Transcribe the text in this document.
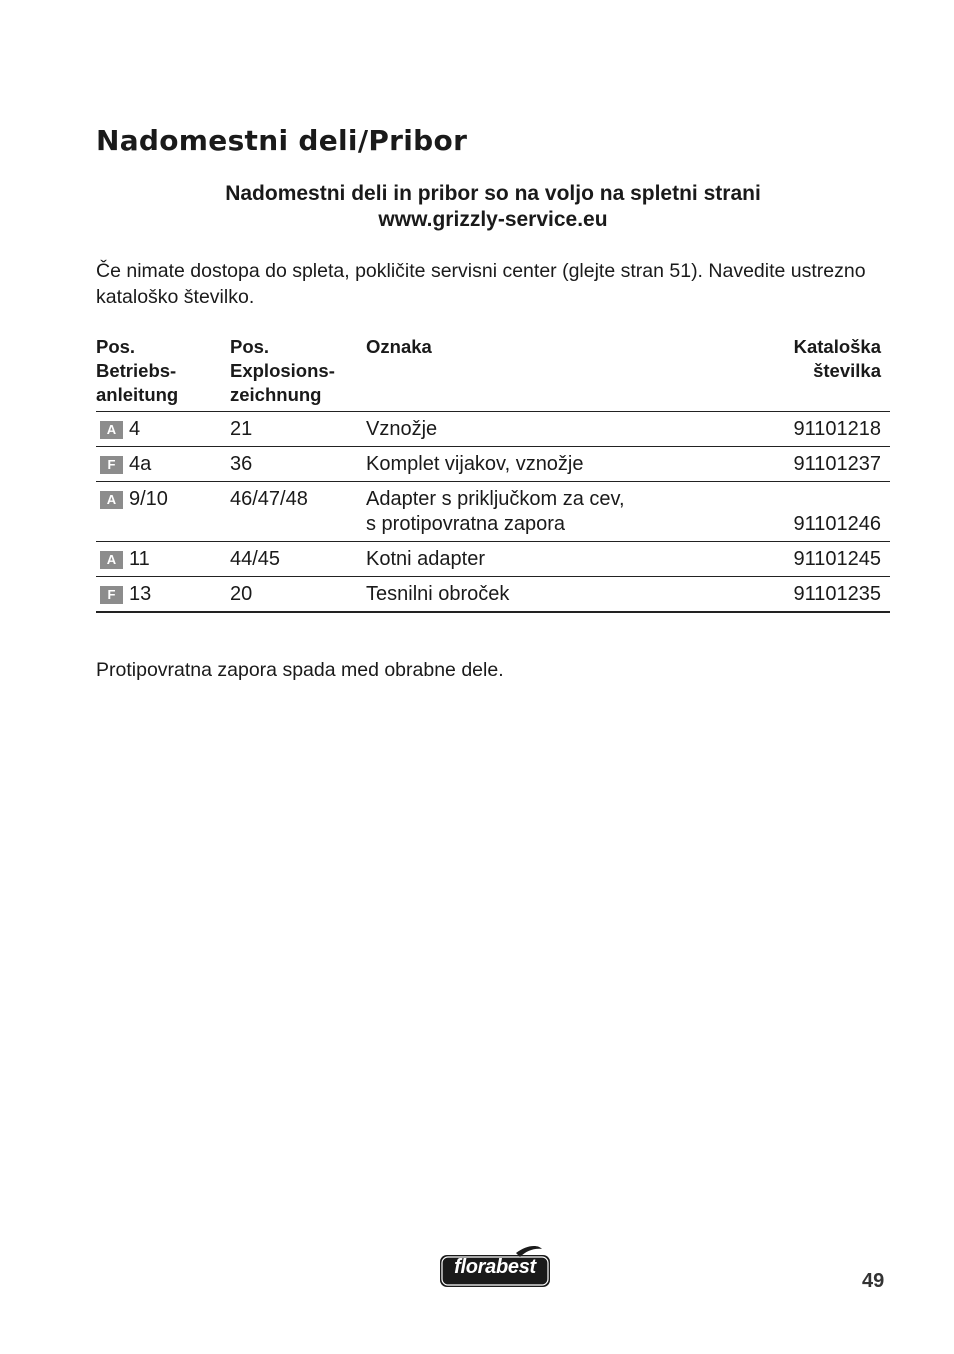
Nadomestni deli/Pribor
Nadomestni deli in pribor so na voljo na spletni strani
www.grizzly-service.eu
Če nimate dostopa do spleta, pokličite servisni center (glejte stran 51). Navedite ustrezno
kataloško številko.
Pos.
Betriebs-
anleitung	Pos.
Explosions-
zeichnung	Oznaka	Kataloška
številka

A 4	21	Vznožje	91101218
F 4a	36	Komplet vijakov, vznožje	91101237
A 9/10	46/47/48	Adapter s priključkom za cev,
s protipovratna zapora	91101246
A 11	44/45	Kotni adapter	91101245
F 13	20	Tesnilni obroček	91101235
Protipovratna zapora spada med obrabne dele.
florabest
49
